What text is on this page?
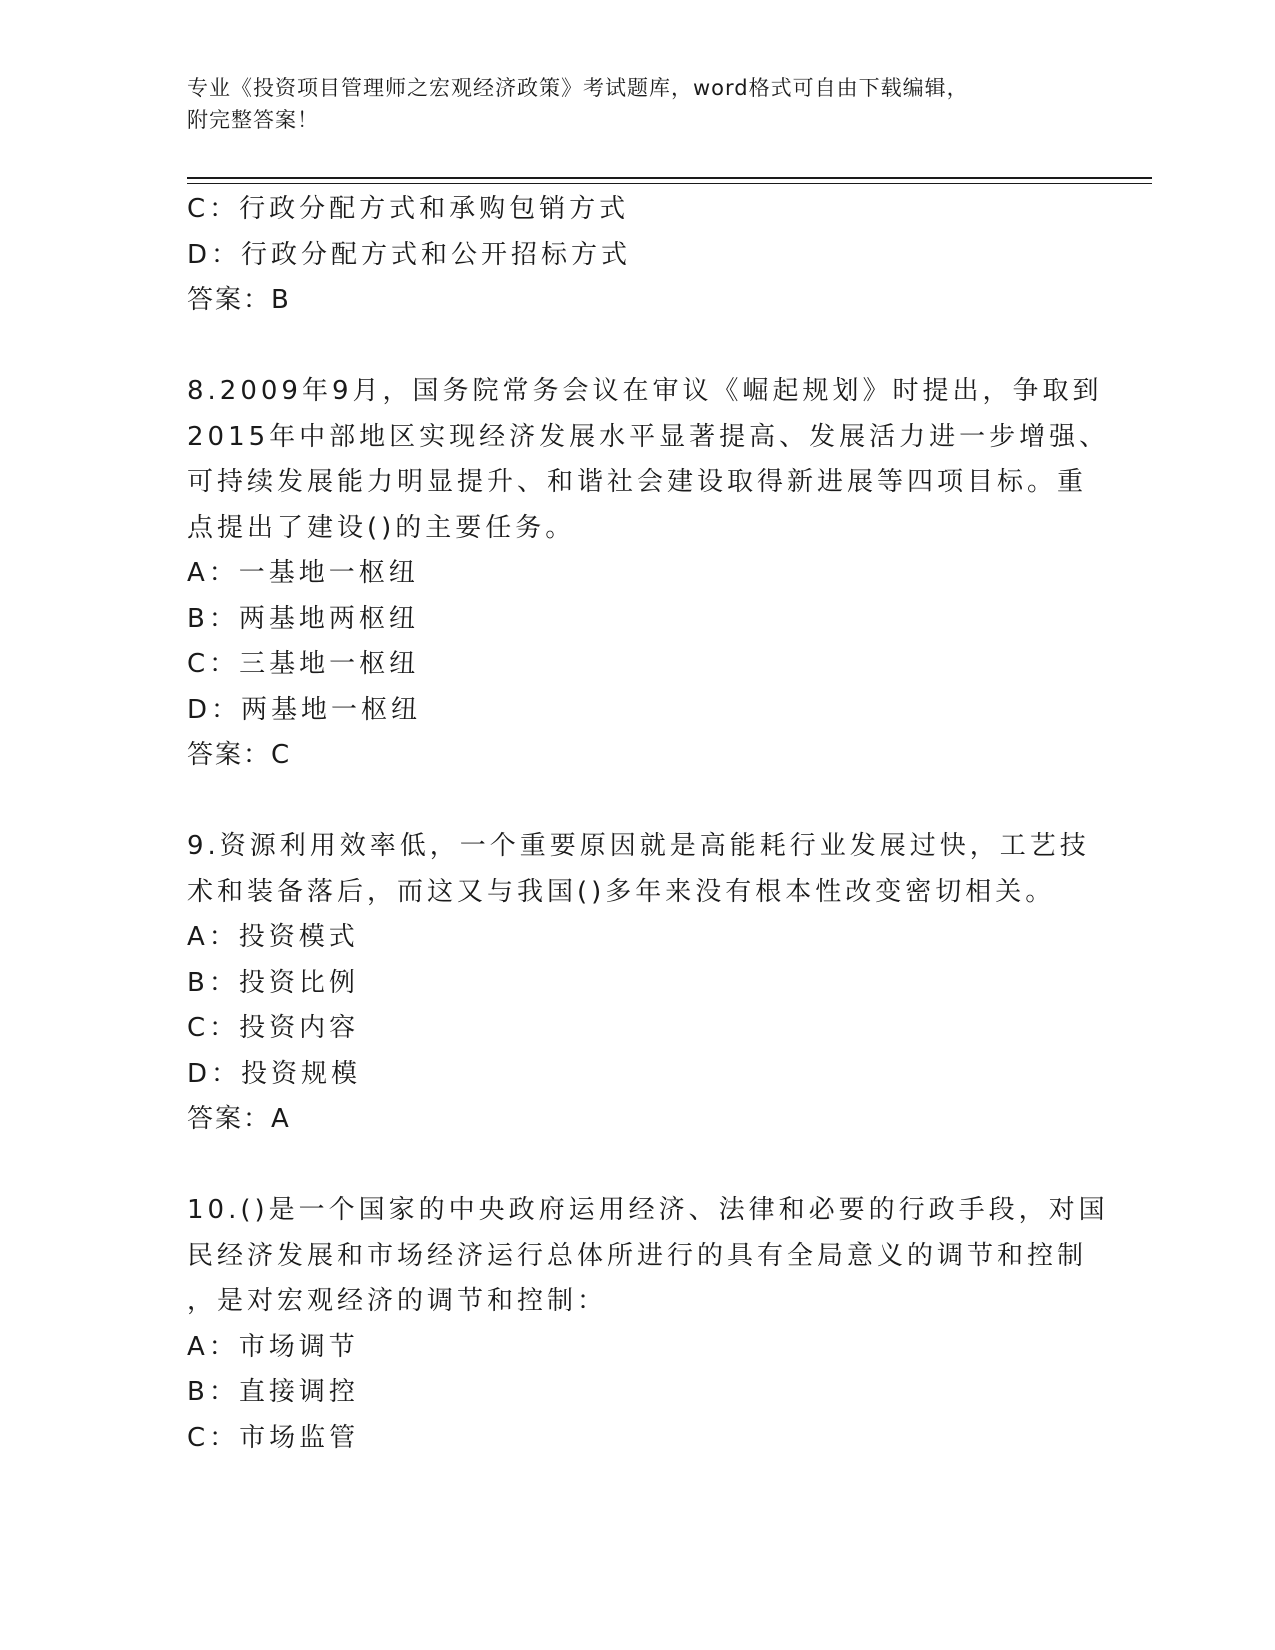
专业《投资项目管理师之宏观经济政策》考试题库，word格式可自由下载编辑，
附完整答案！
C：行政分配方式和承购包销方式
D：行政分配方式和公开招标方式
答案：B
8.2009年9月，国务院常务会议在审议《崛起规划》时提出，争取到
2015年中部地区实现经济发展水平显著提高、发展活力进一步增强、
可持续发展能力明显提升、和谐社会建设取得新进展等四项目标。重
点提出了建设()的主要任务。
A：一基地一枢纽
B：两基地两枢纽
C：三基地一枢纽
D：两基地一枢纽
答案：C
9.资源利用效率低，一个重要原因就是高能耗行业发展过快，工艺技
术和装备落后，而这又与我国()多年来没有根本性改变密切相关。
A：投资模式
B：投资比例
C：投资内容
D：投资规模
答案：A
10.()是一个国家的中央政府运用经济、法律和必要的行政手段，对国
民经济发展和市场经济运行总体所进行的具有全局意义的调节和控制
，是对宏观经济的调节和控制：
A：市场调节
B：直接调控
C：市场监管
